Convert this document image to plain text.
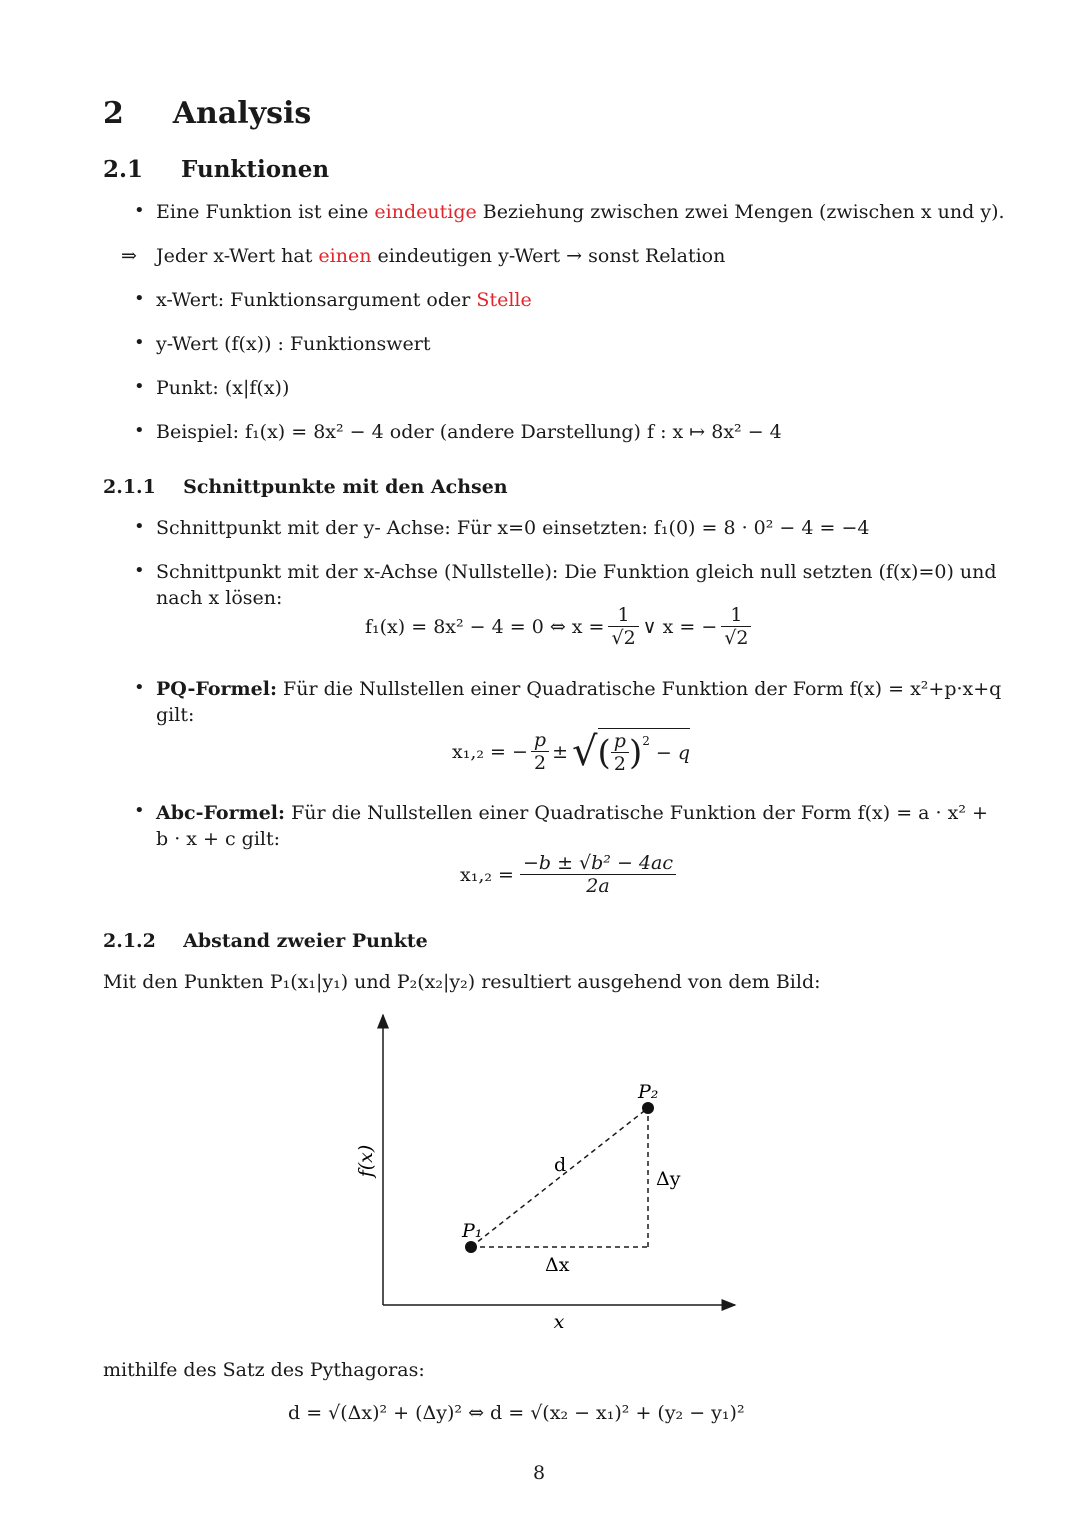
2 Analysis
2.1 Funktionen
• Eine Funktion ist eine eindeutige Beziehung zwischen zwei Mengen (zwischen x und y).
⇒ Jeder x-Wert hat einen eindeutigen y-Wert → sonst Relation
• x-Wert: Funktionsargument oder Stelle
• y-Wert (f(x)) : Funktionswert
• Punkt: (x|f(x))
• Beispiel: f₁(x) = 8x² − 4 oder (andere Darstellung) f : x ↦ 8x² − 4
2.1.1 Schnittpunkte mit den Achsen
• Schnittpunkt mit der y- Achse: Für x=0 einsetzten: f₁(0) = 8 · 0² − 4 = −4
• Schnittpunkt mit der x-Achse (Nullstelle): Die Funktion gleich null setzten (f(x)=0) und
nach x lösen:
f₁(x) = 8x² − 4 = 0 ⇔ $x = \frac{1}{√2}$ ∨ x = − $\frac{1}{√2}$
• PQ-Formel: Für die Nullstellen einer Quadratische Funktion der Form f(x) = x²+p·x+q
gilt:
x₁,₂ = − $\frac{p}{2}$ ± √ ( $\frac{p}{2} )^2$
− q
• Abc-Formel: Für die Nullstellen einer Quadratische Funktion der Form f(x) = a · x² +
b · x + c gilt:
$x_1,_2 = \frac{\text{−b ± √b² − 4ac}}{2a}$
2.1.2 Abstand zweier Punkte
Mit den Punkten P₁(x₁|y₁) und P₂(x₂|y₂) resultiert ausgehend von dem Bild:
f(x)
x
P₁
P₂
d
Δx
Δy
mithilfe des Satz des Pythagoras:
d = √(Δx)² + (Δy)² ⇔ d = √(x₂ − x₁)² + (y₂ − y₁)²
8
